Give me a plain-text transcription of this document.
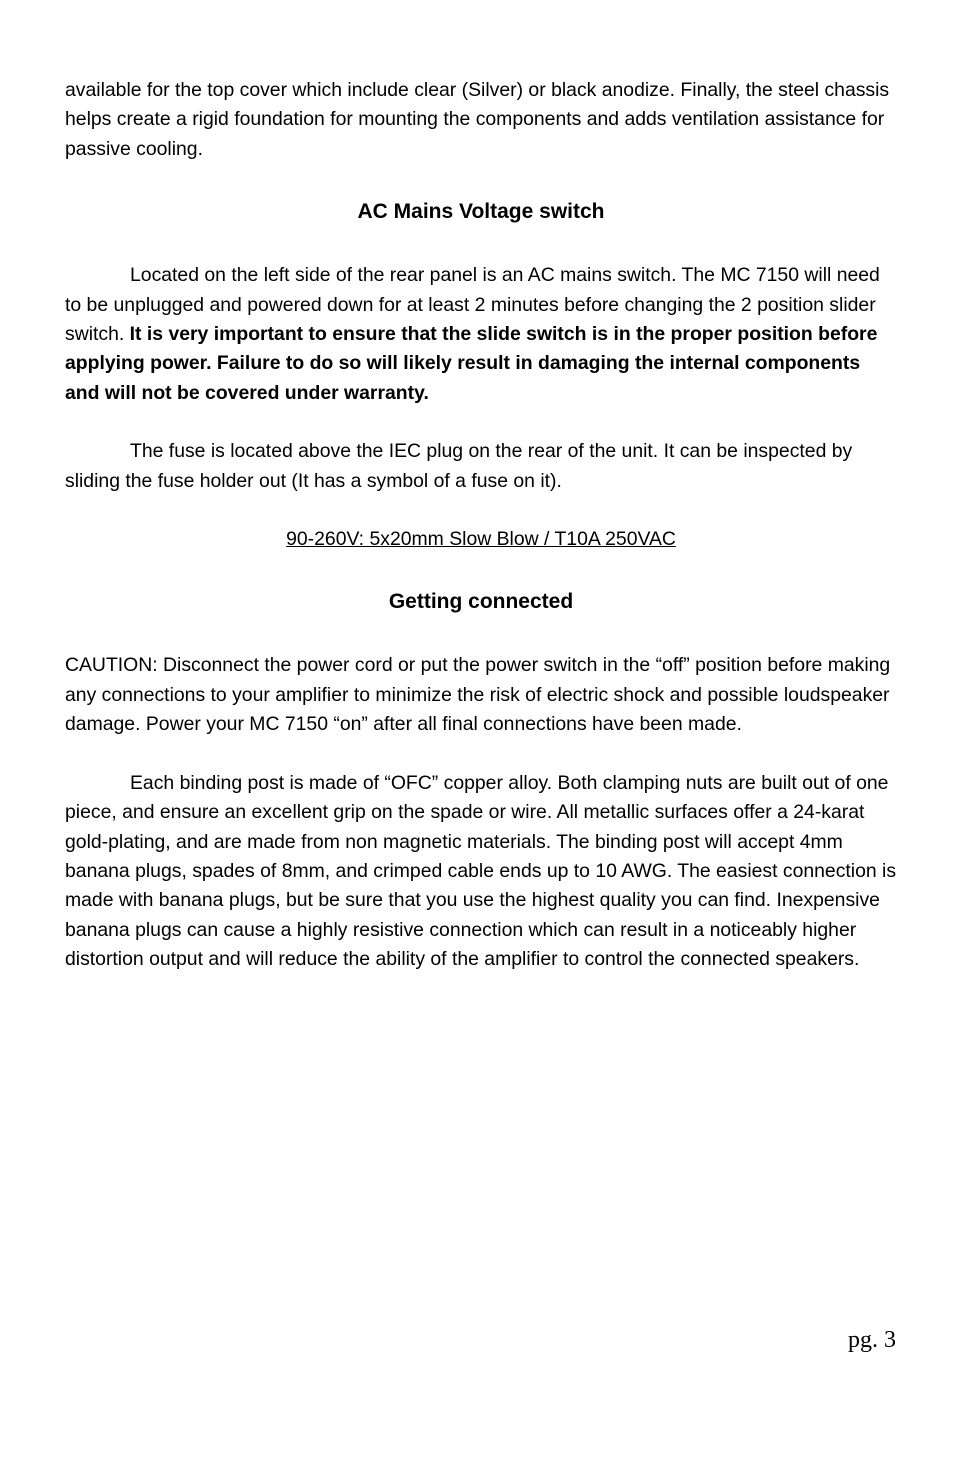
available for the top cover which include clear (Silver) or black anodize. Finally, the steel chassis helps create a rigid foundation for mounting the components and adds ventilation assistance for passive cooling.

AC Mains Voltage switch

Located on the left side of the rear panel is an AC mains switch. The MC 7150 will need to be unplugged and powered down for at least 2 minutes before changing the 2 position slider switch. It is very important to ensure that the slide switch is in the proper position before applying power. Failure to do so will likely result in damaging the internal components and will not be covered under warranty.

The fuse is located above the IEC plug on the rear of the unit. It can be inspected by sliding the fuse holder out (It has a symbol of a fuse on it).

90-260V: 5x20mm Slow Blow / T10A 250VAC

Getting connected

CAUTION: Disconnect the power cord or put the power switch in the “off” position before making any connections to your amplifier to minimize the risk of electric shock and possible loudspeaker damage. Power your MC 7150 “on” after all final connections have been made.

Each binding post is made of “OFC” copper alloy. Both clamping nuts are built out of one piece, and ensure an excellent grip on the spade or wire. All metallic surfaces offer a 24-karat gold-plating, and are made from non magnetic materials. The binding post will accept 4mm banana plugs, spades of 8mm, and crimped cable ends up to 10 AWG. The easiest connection is made with banana plugs, but be sure that you use the highest quality you can find. Inexpensive banana plugs can cause a highly resistive connection which can result in a noticeably higher distortion output and will reduce the ability of the amplifier to control the connected speakers.

pg. 3
